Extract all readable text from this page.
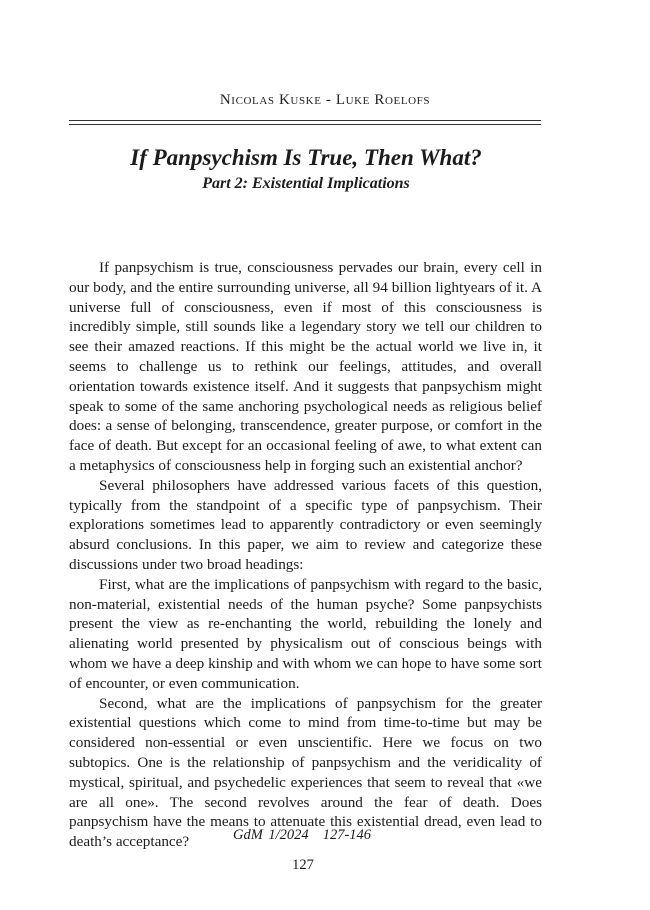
Nicolas Kuske - Luke Roelofs
If Panpsychism Is True, Then What?
Part 2: Existential Implications

If panpsychism is true, consciousness pervades our brain, every cell in our body, and the entire surrounding universe, all 94 billion lightyears of it. A universe full of consciousness, even if most of this consciousness is incredibly simple, still sounds like a legendary story we tell our children to see their amazed reactions. If this might be the actual world we live in, it seems to challenge us to rethink our feelings, attitudes, and overall orientation towards existence itself. And it suggests that panpsychism might speak to some of the same anchoring psychological needs as religious belief does: a sense of belonging, transcendence, greater purpose, or comfort in the face of death. But except for an occasional feeling of awe, to what extent can a metaphysics of consciousness help in forging such an existential anchor?

Several philosophers have addressed various facets of this question, typically from the standpoint of a specific type of panpsychism. Their explorations sometimes lead to apparently contradictory or even seemingly absurd conclusions. In this paper, we aim to review and categorize these discussions under two broad headings:

First, what are the implications of panpsychism with regard to the basic, non-material, existential needs of the human psyche? Some panpsychists present the view as re-enchanting the world, rebuilding the lonely and alienating world presented by physicalism out of conscious beings with whom we have a deep kinship and with whom we can hope to have some sort of encounter, or even communication.

Second, what are the implications of panpsychism for the greater existential questions which come to mind from time-to-time but may be considered non-essential or even unscientific. Here we focus on two subtopics. One is the relationship of panpsychism and the veridicality of mystical, spiritual, and psychedelic experiences that seem to reveal that «we are all one». The second revolves around the fear of death. Does panpsychism have the means to attenuate this existential dread, even lead to death’s acceptance?	GdM 1/2024 127-146
127
